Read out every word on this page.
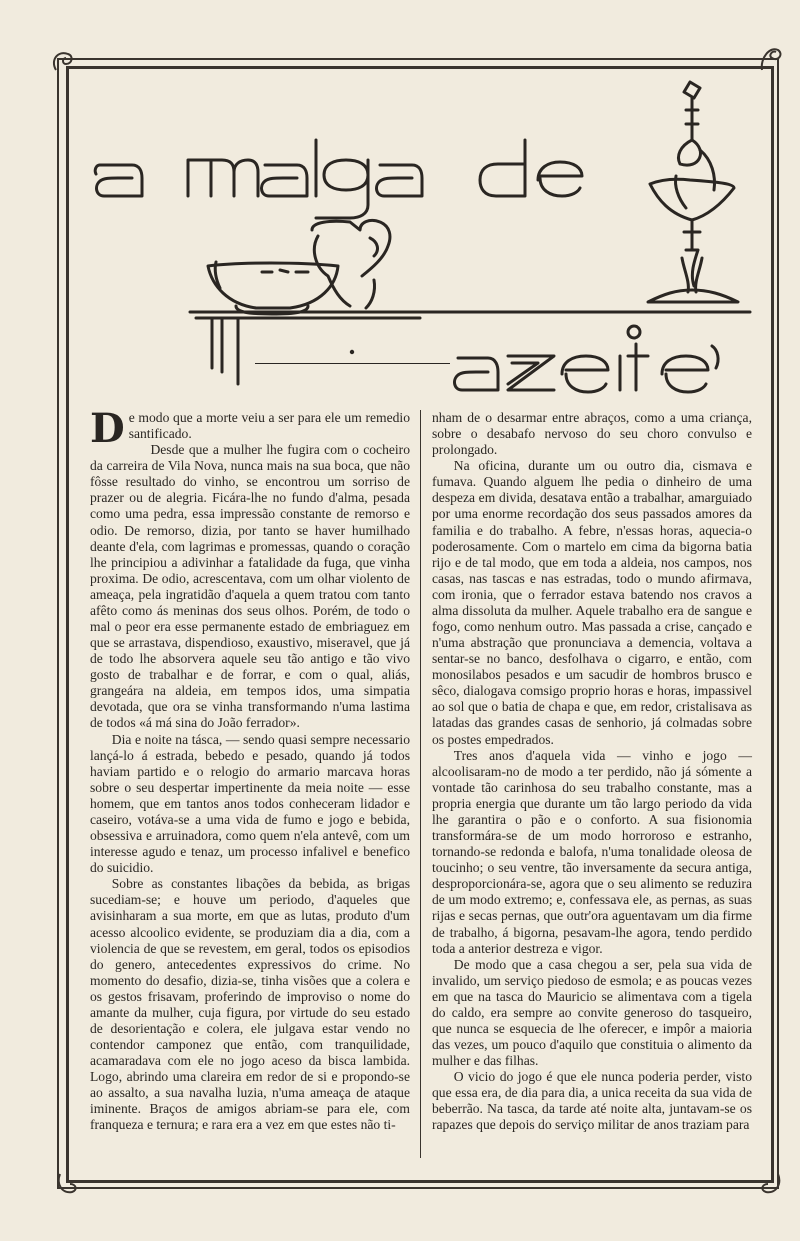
De modo que a morte veiu a ser para ele um remedio santificado.

Desde que a mulher lhe fugira com o cocheiro da carreira de Vila Nova, nunca mais na sua boca, que não fôsse resultado do vinho, se encontrou um sorriso de prazer ou de alegria. Ficára-lhe no fundo d'alma, pesada como uma pedra, essa impressão constante de remorso e odio. De remorso, dizia, por tanto se haver humilhado deante d'ela, com lagrimas e promessas, quando o coração lhe principiou a adivinhar a fatalidade da fuga, que vinha proxima. De odio, acrescentava, com um olhar violento de ameaça, pela ingratidão d'aquela a quem tratou com tanto afêto como ás meninas dos seus olhos. Porém, de todo o mal o peor era esse permanente estado de embriaguez em que se arrastava, dispendioso, exaustivo, miseravel, que já de todo lhe absorvera aquele seu tão antigo e tão vivo gosto de trabalhar e de forrar, e com o qual, aliás, grangeára na aldeia, em tempos idos, uma simpatia devotada, que ora se vinha transformando n'uma lastima de todos «á má sina do João ferrador».

Dia e noite na tásca, — sendo quasi sempre necessario lançá-lo á estrada, bebedo e pesado, quando já todos haviam partido e o relogio do armario marcava horas sobre o seu despertar impertinente da meia noite — esse homem, que em tantos anos todos conheceram lidador e caseiro, votáva-se a uma vida de fumo e jogo e bebida, obsessiva e arruinadora, como quem n'ela antevê, com um interesse agudo e tenaz, um processo infalivel e benefico do suicidio.

Sobre as constantes libações da bebida, as brigas sucediam-se; e houve um periodo, d'aqueles que avisinharam a sua morte, em que as lutas, produto d'um acesso alcoolico evidente, se produziam dia a dia, com a violencia de que se revestem, em geral, todos os episodios do genero, antecedentes expressivos do crime. No momento do desafio, dizia-se, tinha visões que a colera e os gestos frisavam, proferindo de improviso o nome do amante da mulher, cuja figura, por virtude do seu estado de desorientação e colera, ele julgava estar vendo no contendor camponez que então, com tranquilidade, acamaradava com ele no jogo aceso da bisca lambida. Logo, abrindo uma clareira em redor de si e propondo-se ao assalto, a sua navalha luzia, n'uma ameaça de ataque iminente. Braços de amigos abriam-se para ele, com franqueza e ternura; e rara era a vez em que estes não ti-

nham de o desarmar entre abraços, como a uma criança, sobre o desabafo nervoso do seu choro convulso e prolongado.

Na oficina, durante um ou outro dia, cismava e fumava. Quando alguem lhe pedia o dinheiro de uma despeza em divida, desatava então a trabalhar, amarguiado por uma enorme recordação dos seus passados amores da familia e do trabalho. A febre, n'essas horas, aquecia-o poderosamente. Com o martelo em cima da bigorna batia rijo e de tal modo, que em toda a aldeia, nos campos, nos casas, nas tascas e nas estradas, todo o mundo afirmava, com ironia, que o ferrador estava batendo nos cravos a alma dissoluta da mulher. Aquele trabalho era de sangue e fogo, como nenhum outro. Mas passada a crise, cançado e n'uma abstração que pronunciava a demencia, voltava a sentar-se no banco, desfolhava o cigarro, e então, com monosilabos pesados e um sacudir de hombros brusco e sêco, dialogava comsigo proprio horas e horas, impassivel ao sol que o batia de chapa e que, em redor, cristalisava as latadas das grandes casas de senhorio, já colmadas sobre os postes empedrados.

Tres anos d'aquela vida — vinho e jogo — alcoolisaram-no de modo a ter perdido, não já sómente a vontade tão carinhosa do seu trabalho constante, mas a propria energia que durante um tão largo periodo da vida lhe garantira o pão e o conforto. A sua fisionomia transformára-se de um modo horroroso e estranho, tornando-se redonda e balofa, n'uma tonalidade oleosa de toucinho; o seu ventre, tão inversamente da secura antiga, desproporcionára-se, agora que o seu alimento se reduzira de um modo extremo; e, confessava ele, as pernas, as suas rijas e secas pernas, que outr'ora aguentavam um dia firme de trabalho, á bigorna, pesavam-lhe agora, tendo perdido toda a anterior destreza e vigor.

De modo que a casa chegou a ser, pela sua vida de invalido, um serviço piedoso de esmola; e as poucas vezes em que na tasca do Mauricio se alimentava com a tigela do caldo, era sempre ao convite generoso do tasqueiro, que nunca se esquecia de lhe oferecer, e impôr a maioria das vezes, um pouco d'aquilo que constituia o alimento da mulher e das filhas.

O vicio do jogo é que ele nunca poderia perder, visto que essa era, de dia para dia, a unica receita da sua vida de beberrão. Na tasca, da tarde até noite alta, juntavam-se os rapazes que depois do serviço militar de anos traziam para
